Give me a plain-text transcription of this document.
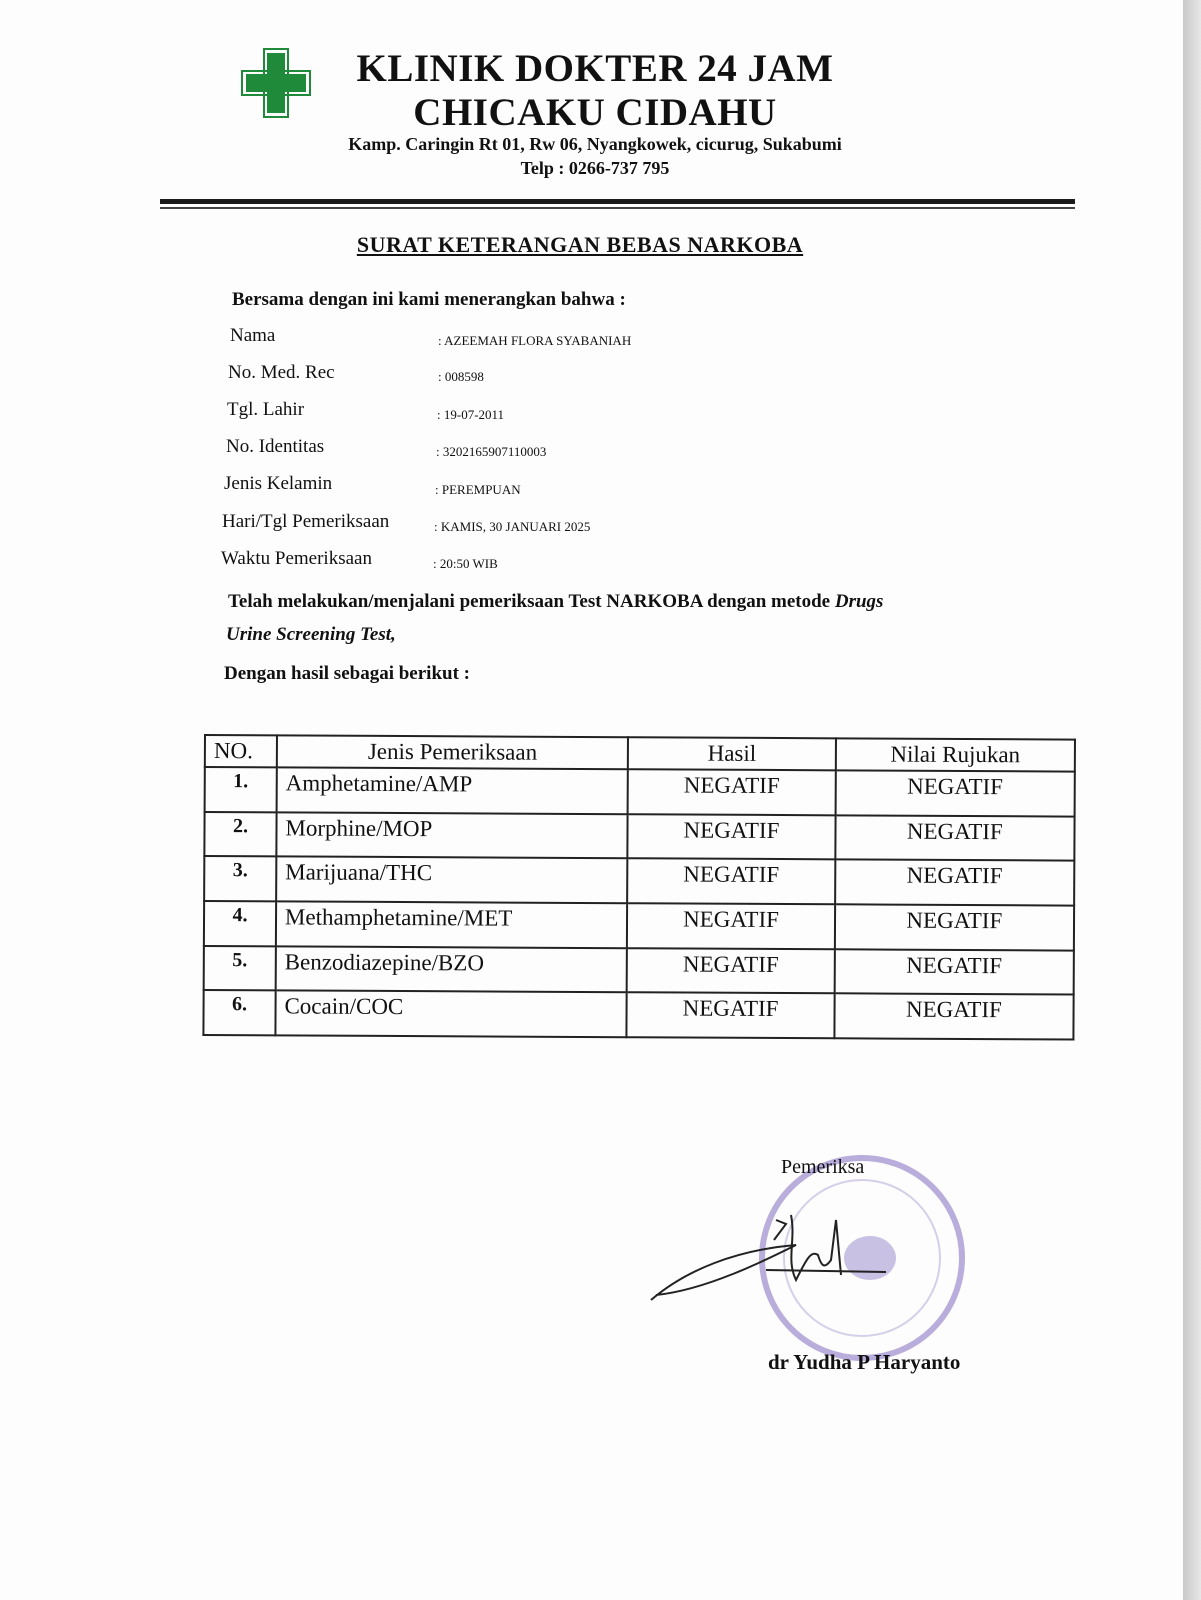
KLINIK DOKTER 24 JAM
CHICAKU CIDAHU
Kamp. Caringin Rt 01, Rw 06, Nyangkowek, cicurug, Sukabumi
Telp : 0266-737 795
SURAT KETERANGAN BEBAS NARKOBA
Bersama dengan ini kami menerangkan bahwa :
Nama	: AZEEMAH FLORA SYABANIAH
No. Med. Rec	: 008598
Tgl. Lahir	: 19-07-2011
No. Identitas	: 3202165907110003
Jenis Kelamin	: PEREMPUAN
Hari/Tgl Pemeriksaan	: KAMIS, 30 JANUARI 2025
Waktu Pemeriksaan	: 20:50 WIB
Telah melakukan/menjalani pemeriksaan Test NARKOBA dengan metode Drugs
Urine Screening Test,
Dengan hasil sebagai berikut :
NO.	Jenis Pemeriksaan	Hasil	Nilai Rujukan
1.	Amphetamine/AMP	NEGATIF	NEGATIF
2.	Morphine/MOP	NEGATIF	NEGATIF
3.	Marijuana/THC	NEGATIF	NEGATIF
4.	Methamphetamine/MET	NEGATIF	NEGATIF
5.	Benzodiazepine/BZO	NEGATIF	NEGATIF
6.	Cocain/COC	NEGATIF	NEGATIF
Pemeriksa
dr Yudha P Haryanto
